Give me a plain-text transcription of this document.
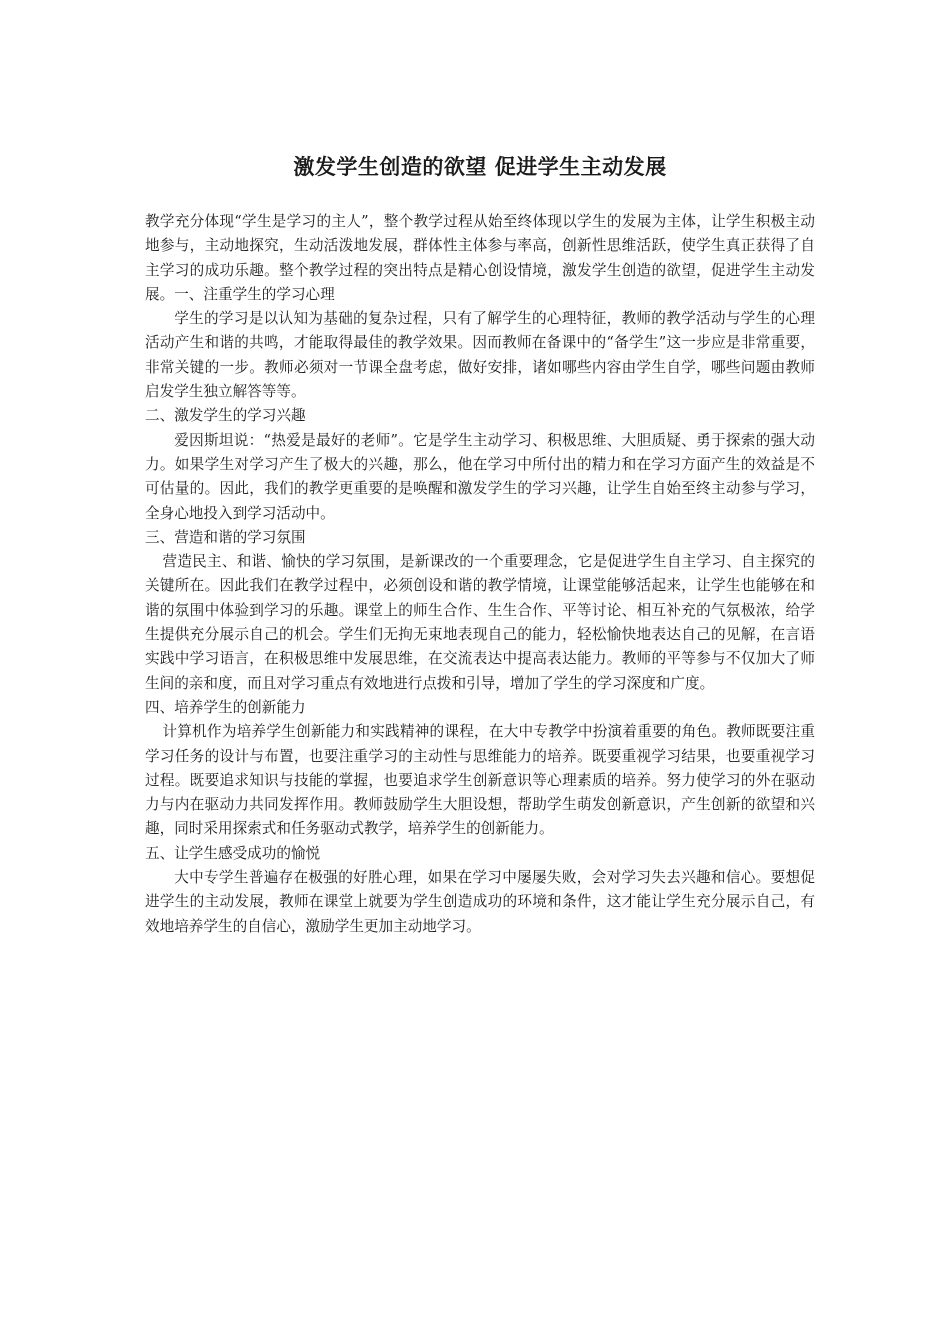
激发学生创造的欲望 促进学生主动发展

教学充分体现“学生是学习的主人”，整个教学过程从始至终体现以学生的发展为主体，让学生积极主动地参与，主动地探究，生动活泼地发展，群体性主体参与率高，创新性思维活跃，使学生真正获得了自主学习的成功乐趣。整个教学过程的突出特点是精心创设情境，激发学生创造的欲望，促进学生主动发展。一、注重学生的学习心理

学生的学习是以认知为基础的复杂过程，只有了解学生的心理特征，教师的教学活动与学生的心理活动产生和谐的共鸣，才能取得最佳的教学效果。因而教师在备课中的“备学生”这一步应是非常重要，非常关键的一步。教师必须对一节课全盘考虑，做好安排，诸如哪些内容由学生自学，哪些问题由教师启发学生独立解答等等。

二、激发学生的学习兴趣

爱因斯坦说：“热爱是最好的老师”。它是学生主动学习、积极思维、大胆质疑、勇于探索的强大动力。如果学生对学习产生了极大的兴趣，那么，他在学习中所付出的精力和在学习方面产生的效益是不可估量的。因此，我们的教学更重要的是唤醒和激发学生的学习兴趣，让学生自始至终主动参与学习，全身心地投入到学习活动中。

三、营造和谐的学习氛围

营造民主、和谐、愉快的学习氛围，是新课改的一个重要理念，它是促进学生自主学习、自主探究的关键所在。因此我们在教学过程中，必须创设和谐的教学情境，让课堂能够活起来，让学生也能够在和谐的氛围中体验到学习的乐趣。课堂上的师生合作、生生合作、平等讨论、相互补充的气氛极浓，给学生提供充分展示自己的机会。学生们无拘无束地表现自己的能力，轻松愉快地表达自己的见解，在言语实践中学习语言，在积极思维中发展思维，在交流表达中提高表达能力。教师的平等参与不仅加大了师生间的亲和度，而且对学习重点有效地进行点拨和引导，增加了学生的学习深度和广度。

四、培养学生的创新能力

计算机作为培养学生创新能力和实践精神的课程，在大中专教学中扮演着重要的角色。教师既要注重学习任务的设计与布置，也要注重学习的主动性与思维能力的培养。既要重视学习结果，也要重视学习过程。既要追求知识与技能的掌握，也要追求学生创新意识等心理素质的培养。努力使学习的外在驱动力与内在驱动力共同发挥作用。教师鼓励学生大胆设想，帮助学生萌发创新意识，产生创新的欲望和兴趣，同时采用探索式和任务驱动式教学，培养学生的创新能力。

五、让学生感受成功的愉悦

大中专学生普遍存在极强的好胜心理，如果在学习中屡屡失败，会对学习失去兴趣和信心。要想促进学生的主动发展，教师在课堂上就要为学生创造成功的环境和条件，这才能让学生充分展示自己，有效地培养学生的自信心，激励学生更加主动地学习。
